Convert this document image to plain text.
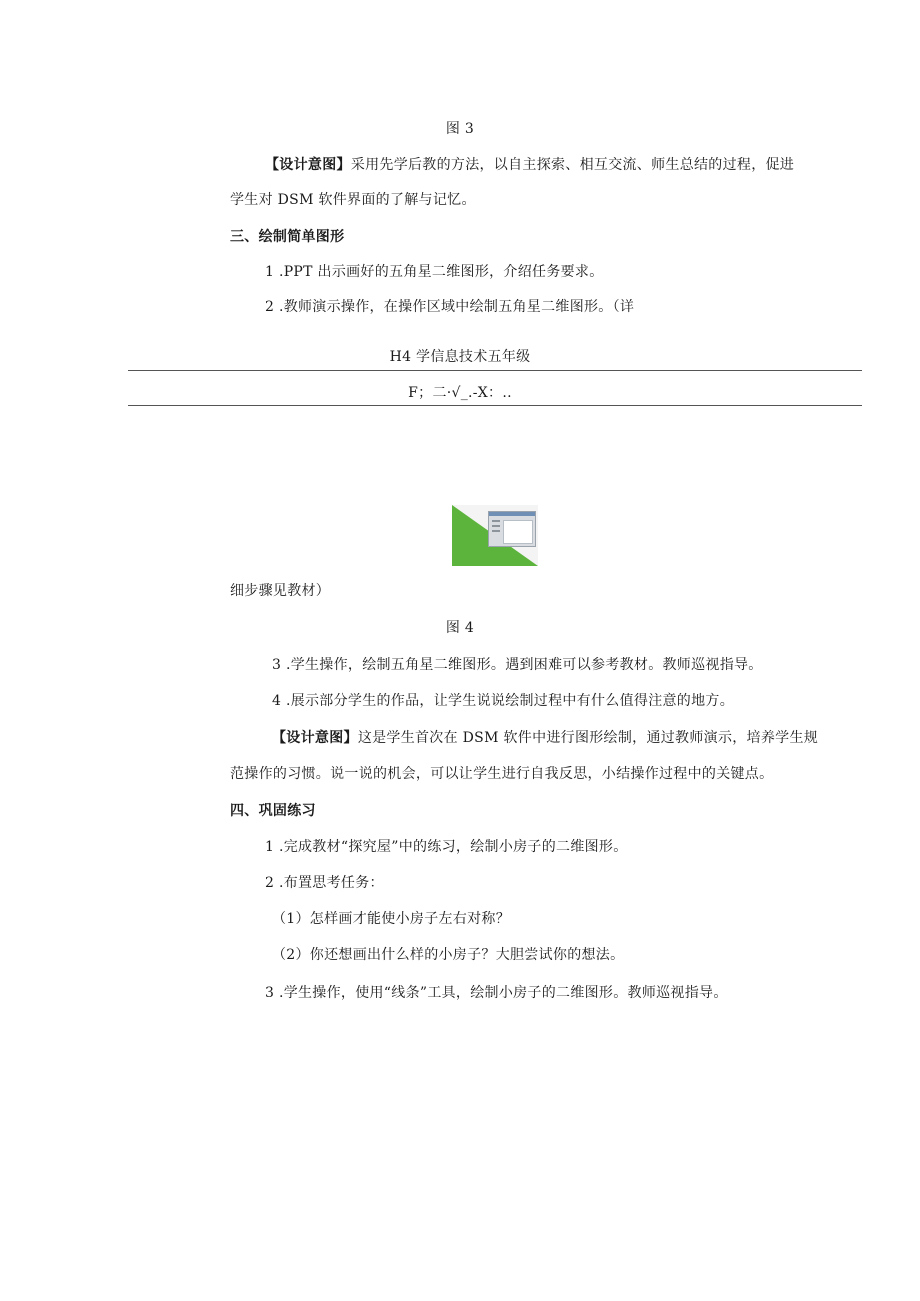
图 3
【设计意图】采用先学后教的方法，以自主探索、相互交流、师生总结的过程，促进
学生对 DSM 软件界面的了解与记忆。
三、绘制简单图形
1 .PPT 出示画好的五角星二维图形，介绍任务要求。
2 .教师演示操作，在操作区域中绘制五角星二维图形。（详
H4 学信息技术五年级
F；二·√_.-X：..
细步骤见教材）
图 4
3 .学生操作，绘制五角星二维图形。遇到困难可以参考教材。教师巡视指导。
4 .展示部分学生的作品，让学生说说绘制过程中有什么值得注意的地方。
【设计意图】这是学生首次在 DSM 软件中进行图形绘制，通过教师演示，培养学生规
范操作的习惯。说一说的机会，可以让学生进行自我反思，小结操作过程中的关键点。
四、巩固练习
1 .完成教材“探究屋”中的练习，绘制小房子的二维图形。
2 .布置思考任务：
（1）怎样画才能使小房子左右对称？
（2）你还想画出什么样的小房子？大胆尝试你的想法。
3 .学生操作，使用“线条”工具，绘制小房子的二维图形。教师巡视指导。
